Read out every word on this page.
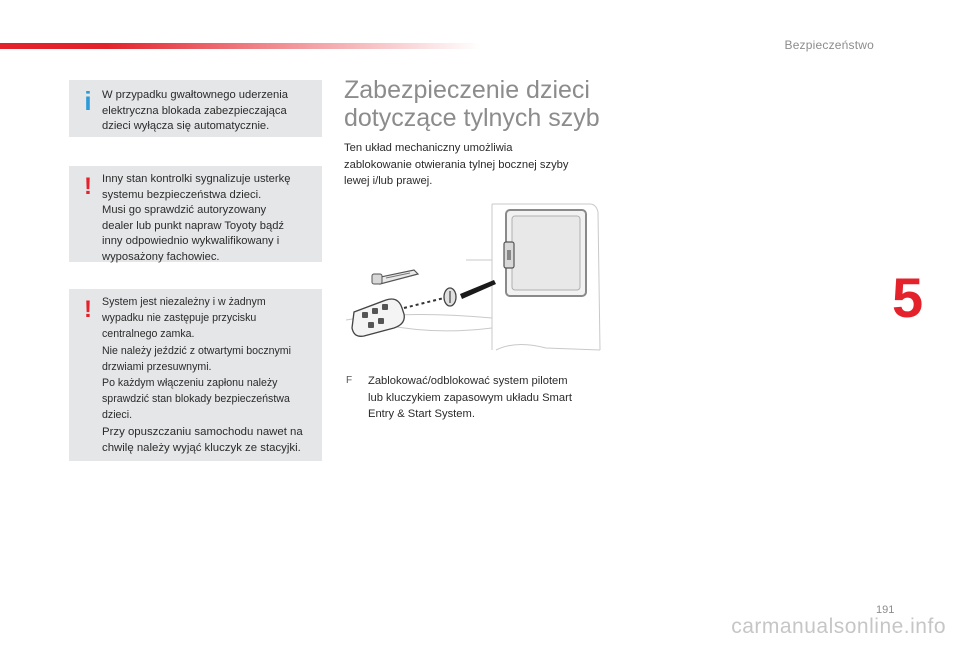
Bezpieczeństwo
5
191
i W przypadku gwałtownego uderzenia

elektryczna blokada zabezpieczająca

dzieci wyłącza się automatycznie.

! Inny stan kontrolki sygnalizuje usterkę

systemu bezpieczeństwa dzieci.

Musi go sprawdzić autoryzowany

dealer lub punkt napraw Toyoty bądź

inny odpowiednio wykwalifikowany i

wyposażony fachowiec.

! System jest niezależny i w żadnym

wypadku nie zastępuje przycisku

centralnego zamka.

Nie należy jeździć z otwartymi bocznymi

drzwiami przesuwnymi.

Po każdym włączeniu zapłonu należy

sprawdzić stan blokady bezpieczeństwa

dzieci.

Przy opuszczaniu samochodu nawet na

chwilę należy wyjąć kluczyk ze stacyjki.

Zabezpieczenie dzieci
dotyczące tylnych szyb
Ten układ mechaniczny umożliwia
zablokowanie otwierania tylnej bocznej szyby
lewej i/lub prawej.
F	Zablokować/odblokować system pilotem
lub kluczykiem zapasowym układu Smart
Entry & Start System.
carmanualsonline.info
